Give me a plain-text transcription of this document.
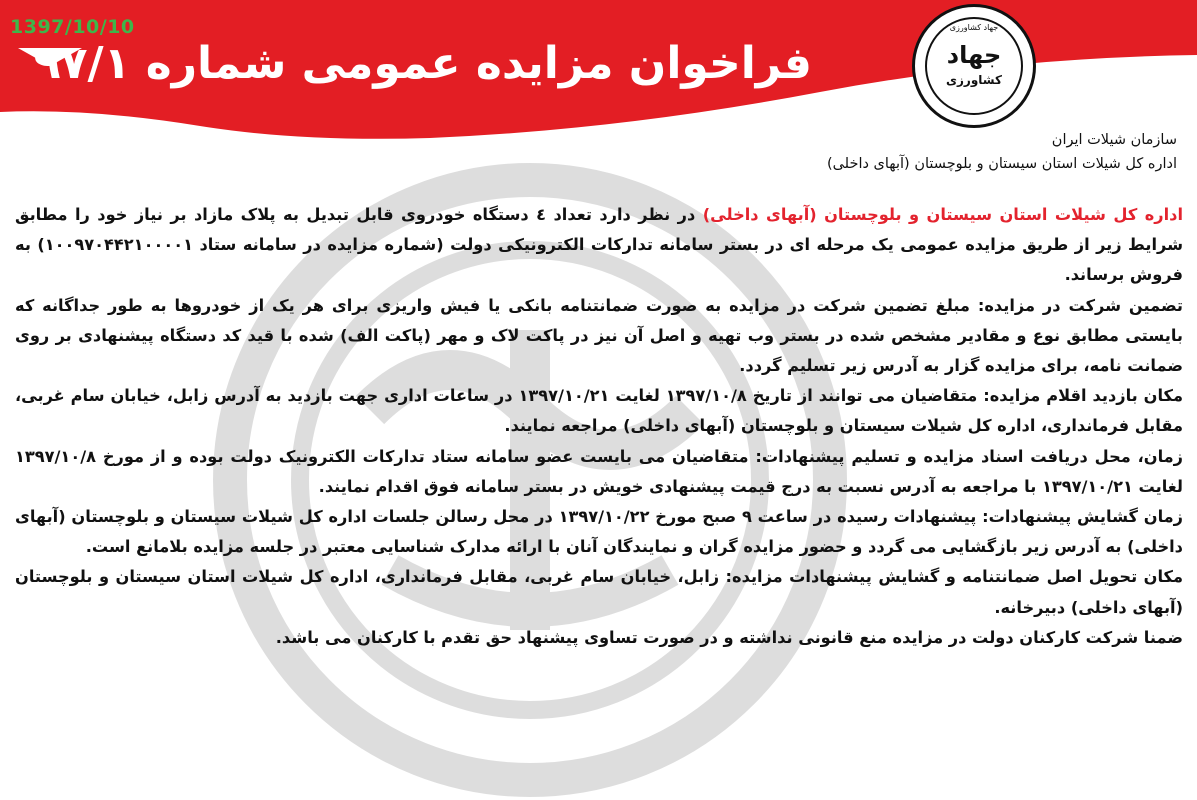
1397/10/10
فراخوان مزایده عمومی شماره ۹۷/۱
جهاد کشاورزی
جهاد
کشاورزی
سازمان شیلات ایران
اداره کل شیلات استان سیستان و بلوچستان (آبهای داخلی)

اداره کل شیلات استان سیستان و بلوچستان (آبهای داخلی) در نظر دارد تعداد ٤ دستگاه خودروی قابل تبدیل به پلاک مازاد بر نیاز خود را مطابق شرایط زیر از طریق مزایده عمومی یک مرحله ای در بستر سامانه تدارکات الکترونیکی دولت (شماره مزایده در سامانه ستاد ۱۰۰۹۷۰۴۴۲۱۰۰۰۰۱) به فروش برساند.

تضمین شرکت در مزایده: مبلغ تضمین شرکت در مزایده به صورت ضمانتنامه بانکی یا فیش واریزی برای هر یک از خودروها به طور جداگانه که بایستی مطابق نوع و مقادیر مشخص شده در بستر وب تهیه و اصل آن نیز در پاکت لاک و مهر (پاکت الف) شده با قید کد دستگاه پیشنهادی بر روی ضمانت نامه، برای مزایده گزار به آدرس زیر تسلیم گردد.

مکان بازدید اقلام مزایده: متقاضیان می توانند از تاریخ ۱۳۹۷/۱۰/۸ لغایت ۱۳۹۷/۱۰/۲۱ در ساعات اداری جهت بازدید به آدرس زابل، خیابان سام غربی، مقابل فرمانداری، اداره کل شیلات سیستان و بلوچستان (آبهای داخلی) مراجعه نمایند.

زمان، محل دریافت اسناد مزایده و تسلیم پیشنهادات: متقاضیان می بایست عضو سامانه ستاد تدارکات الکترونیک دولت بوده و از مورخ ۱۳۹۷/۱۰/۸ لغایت ۱۳۹۷/۱۰/۲۱ با مراجعه به آدرس نسبت به درج قیمت پیشنهادی خویش در بستر سامانه فوق اقدام نمایند.

زمان گشایش پیشنهادات: پیشنهادات رسیده در ساعت ۹ صبح مورخ ۱۳۹۷/۱۰/۲۲ در محل رسالن جلسات اداره کل شیلات سیستان و بلوچستان (آبهای داخلی) به آدرس زیر بازگشایی می گردد و حضور مزایده گران و نمایندگان آنان با ارائه مدارک شناسایی معتبر در جلسه مزایده بلامانع است.

مکان تحویل اصل ضمانتنامه و گشایش پیشنهادات مزایده: زابل، خیابان سام غربی، مقابل فرمانداری، اداره کل شیلات استان سیستان و بلوچستان (آبهای داخلی) دبیرخانه.

ضمنا شرکت کارکنان دولت در مزایده منع قانونی نداشته و در صورت تساوی پیشنهاد حق تقدم با کارکنان می باشد.
